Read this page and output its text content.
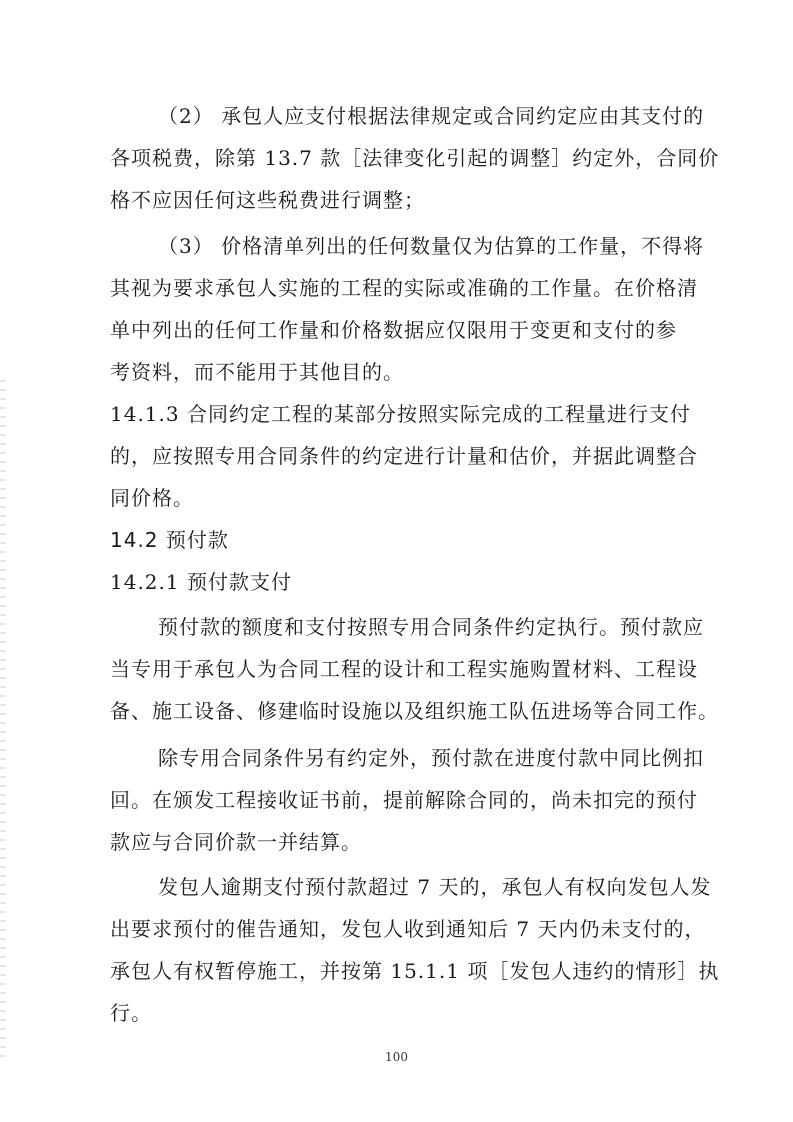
（2） 承包人应支付根据法律规定或合同约定应由其支付的
各项税费，除第 13.7 款［法律变化引起的调整］约定外，合同价
格不应因任何这些税费进行调整；
（3） 价格清单列出的任何数量仅为估算的工作量，不得将
其视为要求承包人实施的工程的实际或准确的工作量。在价格清
单中列出的任何工作量和价格数据应仅限用于变更和支付的参
考资料，而不能用于其他目的。
14.1.3 合同约定工程的某部分按照实际完成的工程量进行支付
的，应按照专用合同条件的约定进行计量和估价，并据此调整合
同价格。
14.2 预付款
14.2.1 预付款支付
预付款的额度和支付按照专用合同条件约定执行。预付款应
当专用于承包人为合同工程的设计和工程实施购置材料、工程设
备、施工设备、修建临时设施以及组织施工队伍进场等合同工作。
除专用合同条件另有约定外，预付款在进度付款中同比例扣
回。在颁发工程接收证书前，提前解除合同的，尚未扣完的预付
款应与合同价款一并结算。
发包人逾期支付预付款超过 7 天的，承包人有权向发包人发
出要求预付的催告通知，发包人收到通知后 7 天内仍未支付的，
承包人有权暂停施工，并按第 15.1.1 项［发包人违约的情形］执
行。
100
